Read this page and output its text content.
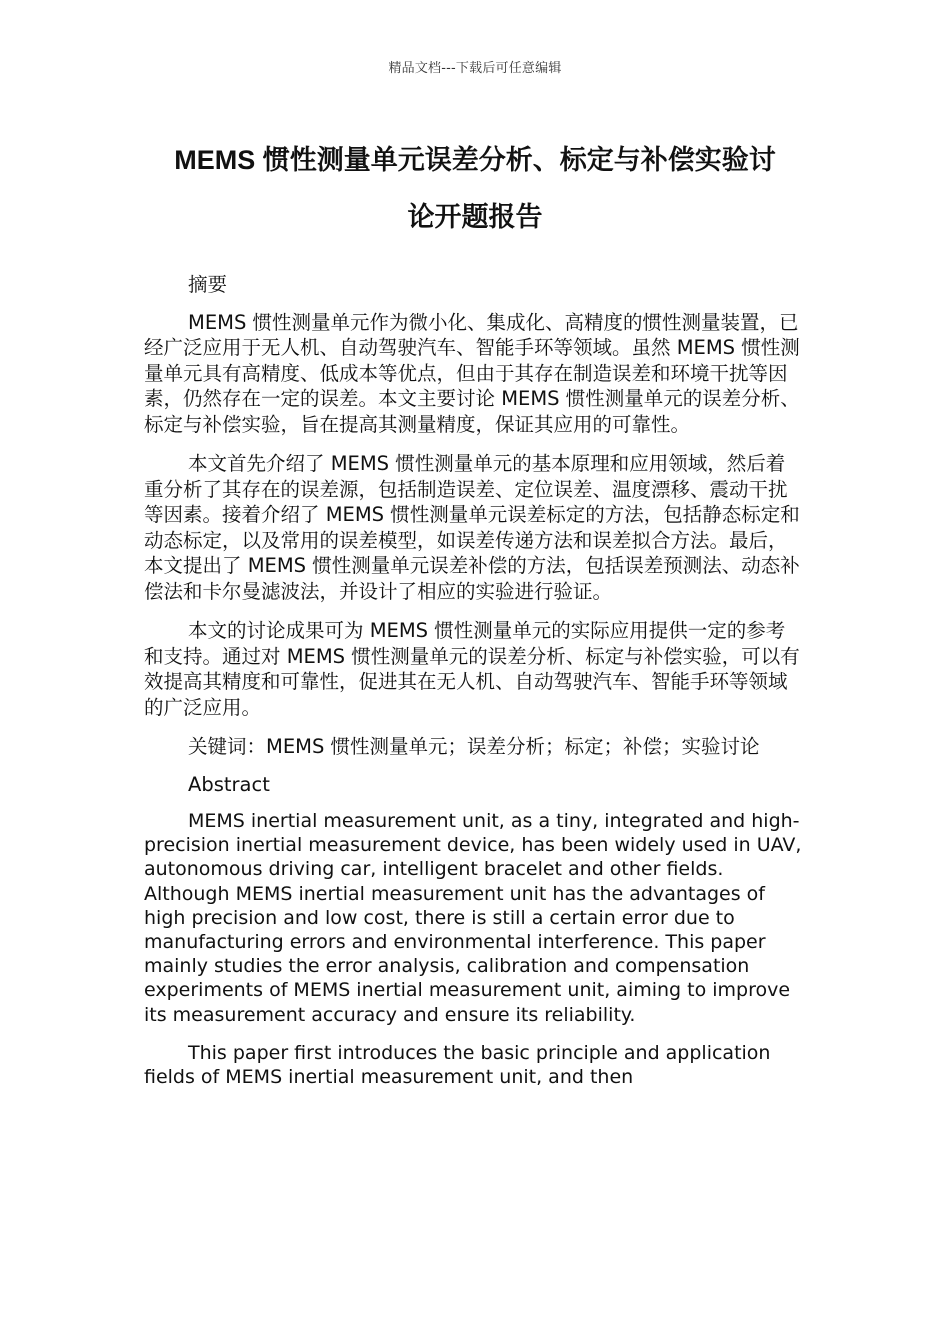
精品文档---下载后可任意编辑
MEMS 惯性测量单元误差分析、标定与补偿实验讨
论开题报告

摘要

MEMS 惯性测量单元作为微小化、集成化、高精度的惯性测量装置，已经广泛应用于无人机、自动驾驶汽车、智能手环等领域。虽然 MEMS 惯性测量单元具有高精度、低成本等优点，但由于其存在制造误差和环境干扰等因素，仍然存在一定的误差。本文主要讨论 MEMS 惯性测量单元的误差分析、标定与补偿实验，旨在提高其测量精度，保证其应用的可靠性。

本文首先介绍了 MEMS 惯性测量单元的基本原理和应用领域，然后着重分析了其存在的误差源，包括制造误差、定位误差、温度漂移、震动干扰等因素。接着介绍了 MEMS 惯性测量单元误差标定的方法，包括静态标定和动态标定，以及常用的误差模型，如误差传递方法和误差拟合方法。最后，本文提出了 MEMS 惯性测量单元误差补偿的方法，包括误差预测法、动态补偿法和卡尔曼滤波法，并设计了相应的实验进行验证。

本文的讨论成果可为 MEMS 惯性测量单元的实际应用提供一定的参考和支持。通过对 MEMS 惯性测量单元的误差分析、标定与补偿实验，可以有效提高其精度和可靠性，促进其在无人机、自动驾驶汽车、智能手环等领域的广泛应用。

关键词：MEMS 惯性测量单元；误差分析；标定；补偿；实验讨论

Abstract

MEMS inertial measurement unit, as a tiny, integrated and high-precision inertial measurement device, has been widely used in UAV, autonomous driving car, intelligent bracelet and other fields. Although MEMS inertial measurement unit has the advantages of high precision and low cost, there is still a certain error due to manufacturing errors and environmental interference. This paper mainly studies the error analysis, calibration and compensation experiments of MEMS inertial measurement unit, aiming to improve its measurement accuracy and ensure its reliability.

This paper first introduces the basic principle and application fields of MEMS inertial measurement unit, and then
